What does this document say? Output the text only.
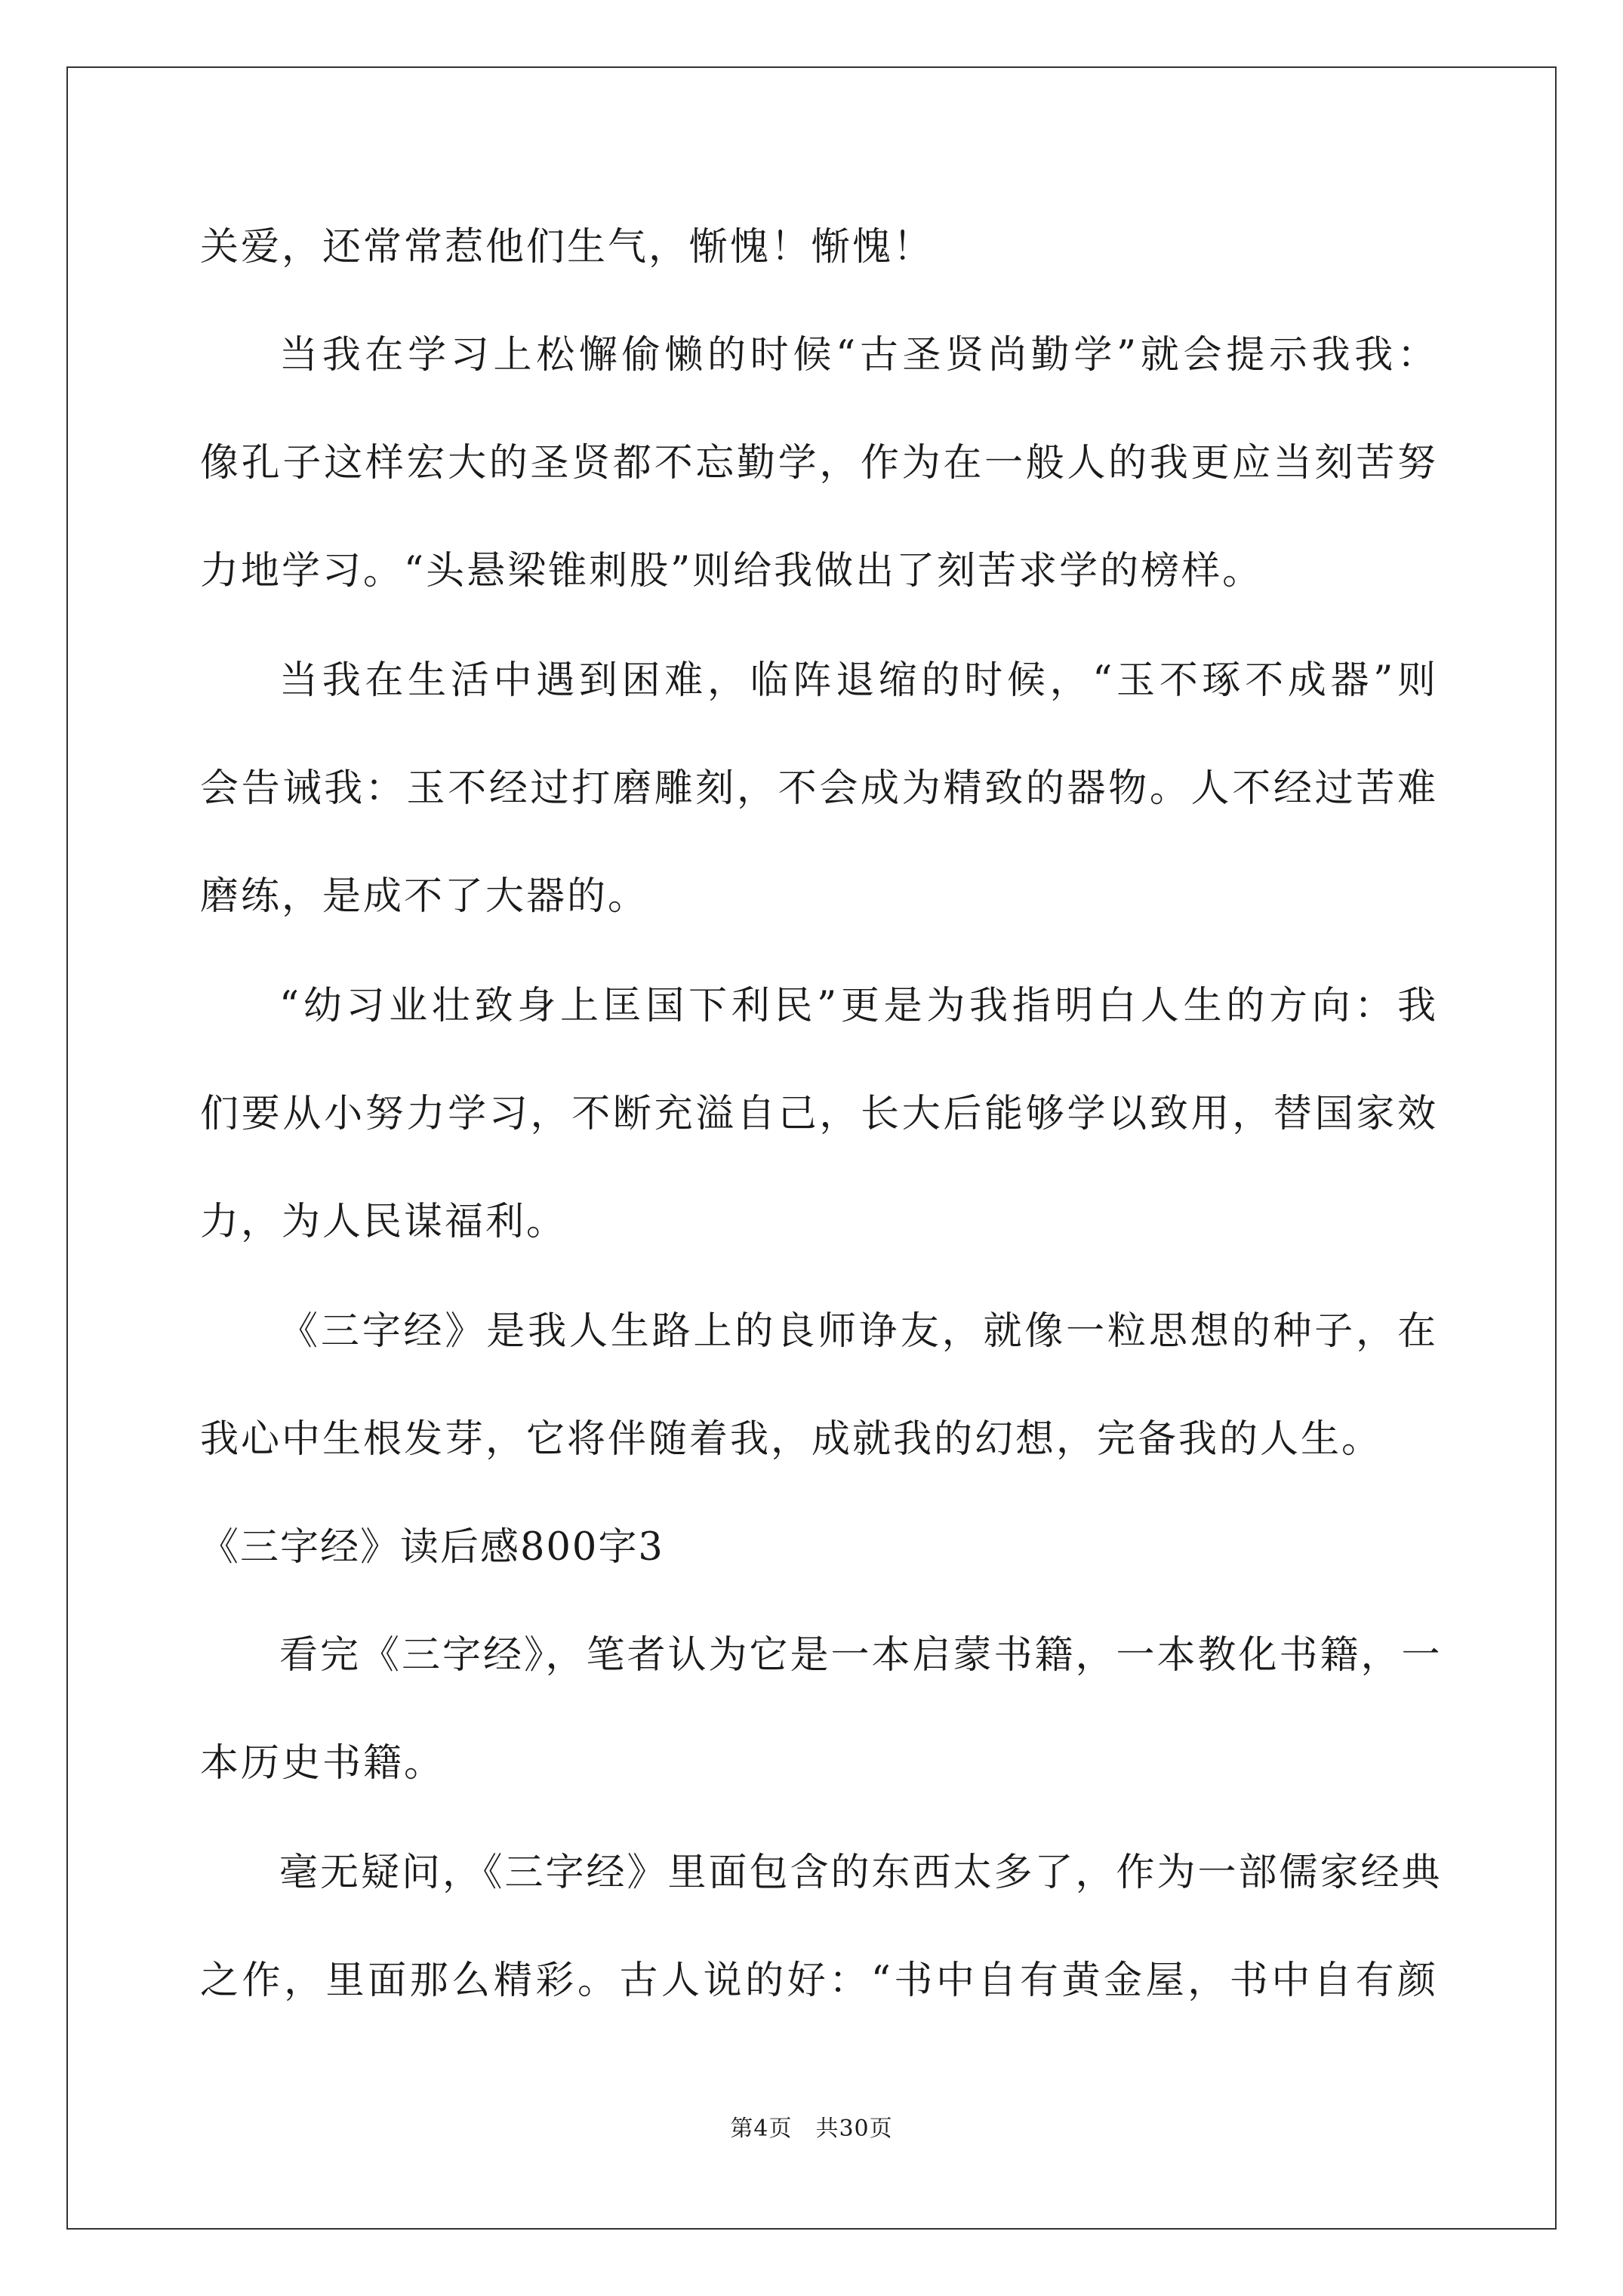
关爱，还常常惹他们生气，惭愧！惭愧！
当我在学习上松懈偷懒的时候“古圣贤尚勤学”就会提示我我：
像孔子这样宏大的圣贤都不忘勤学，作为在一般人的我更应当刻苦努
力地学习。“头悬梁锥刺股”则给我做出了刻苦求学的榜样。
当我在生活中遇到困难，临阵退缩的时候，“玉不琢不成器”则
会告诫我：玉不经过打磨雕刻，不会成为精致的器物。人不经过苦难
磨练，是成不了大器的。
“幼习业壮致身上匡国下利民”更是为我指明白人生的方向：我
们要从小努力学习，不断充溢自己，长大后能够学以致用，替国家效
力，为人民谋福利。
《三字经》是我人生路上的良师诤友，就像一粒思想的种子，在
我心中生根发芽，它将伴随着我，成就我的幻想，完备我的人生。
《三字经》读后感800字3
看完《三字经》，笔者认为它是一本启蒙书籍，一本教化书籍，一
本历史书籍。
毫无疑问，《三字经》里面包含的东西太多了，作为一部儒家经典
之作，里面那么精彩。古人说的好：“书中自有黄金屋，书中自有颜
第4页　共30页
